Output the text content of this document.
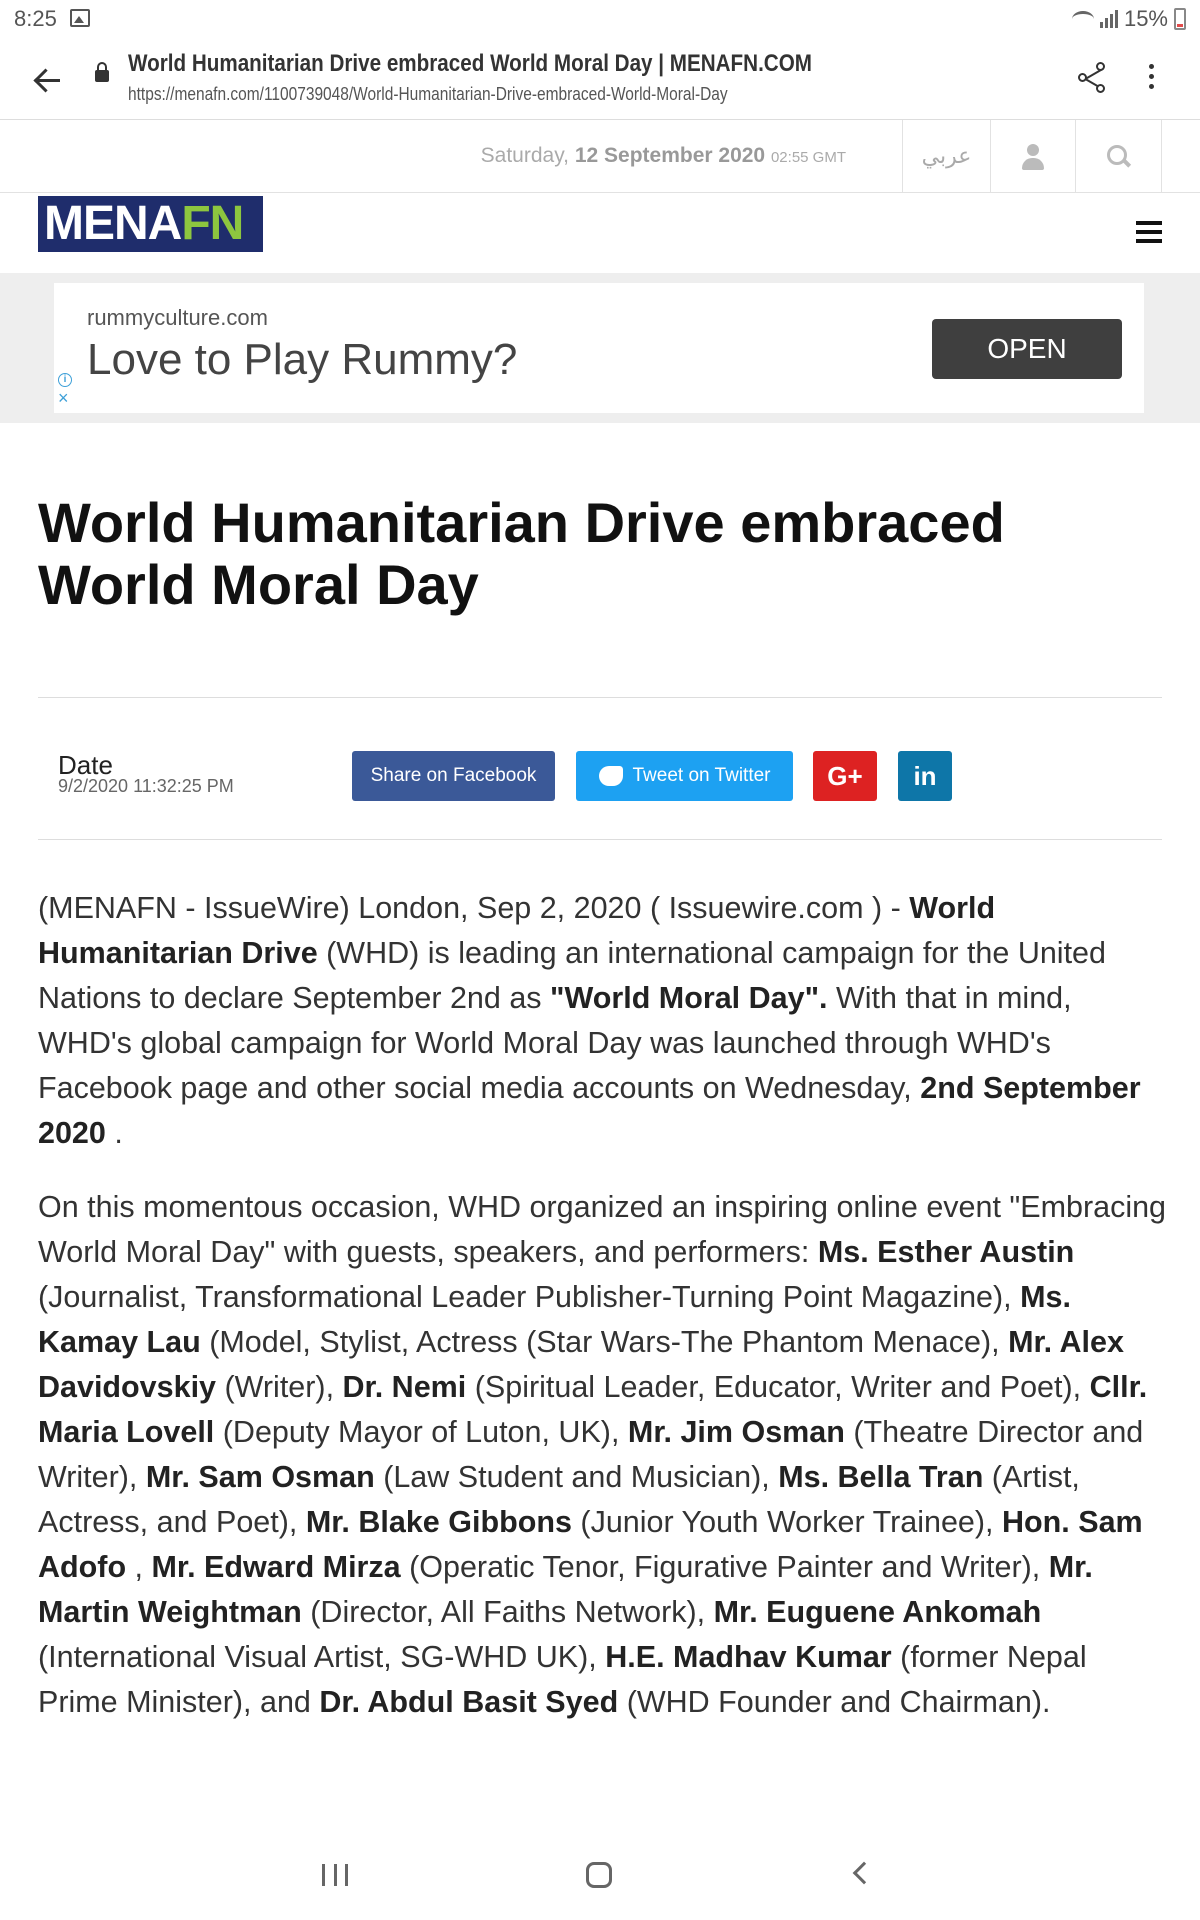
8:25	15%
World Humanitarian Drive embraced World Moral Day | MENAFN.COM
https://menafn.com/1100739048/World-Humanitarian-Drive-embraced-World-Moral-Day
Saturday, 12 September 2020 02:55 GMT	عربي
MENAFN
rummyculture.com
Love to Play Rummy?	OPEN
i
×
World Humanitarian Drive embraced World Moral Day
Date
9/2/2020 11:32:25 PM	Share on Facebook	Tweet on Twitter	G+	in

(MENAFN - IssueWire) London, Sep 2, 2020 ( Issuewire.com ) - World Humanitarian Drive (WHD) is leading an international campaign for the United Nations to declare September 2nd as "World Moral Day". With that in mind, WHD's global campaign for World Moral Day was launched through WHD's Facebook page and other social media accounts on Wednesday, 2nd September 2020 .

On this momentous occasion, WHD organized an inspiring online event "Embracing World Moral Day" with guests, speakers, and performers: Ms. Esther Austin (Journalist, Transformational Leader Publisher-Turning Point Magazine), Ms. Kamay Lau (Model, Stylist, Actress (Star Wars-The Phantom Menace), Mr. Alex Davidovskiy (Writer), Dr. Nemi (Spiritual Leader, Educator, Writer and Poet), Cllr. Maria Lovell (Deputy Mayor of Luton, UK), Mr. Jim Osman (Theatre Director and Writer), Mr. Sam Osman (Law Student and Musician), Ms. Bella Tran (Artist, Actress, and Poet), Mr. Blake Gibbons (Junior Youth Worker Trainee), Hon. Sam Adofo , Mr. Edward Mirza (Operatic Tenor, Figurative Painter and Writer), Mr. Martin Weightman (Director, All Faiths Network), Mr. Euguene Ankomah (International Visual Artist, SG-WHD UK), H.E. Madhav Kumar (former Nepal Prime Minister), and Dr. Abdul Basit Syed (WHD Founder and Chairman).
